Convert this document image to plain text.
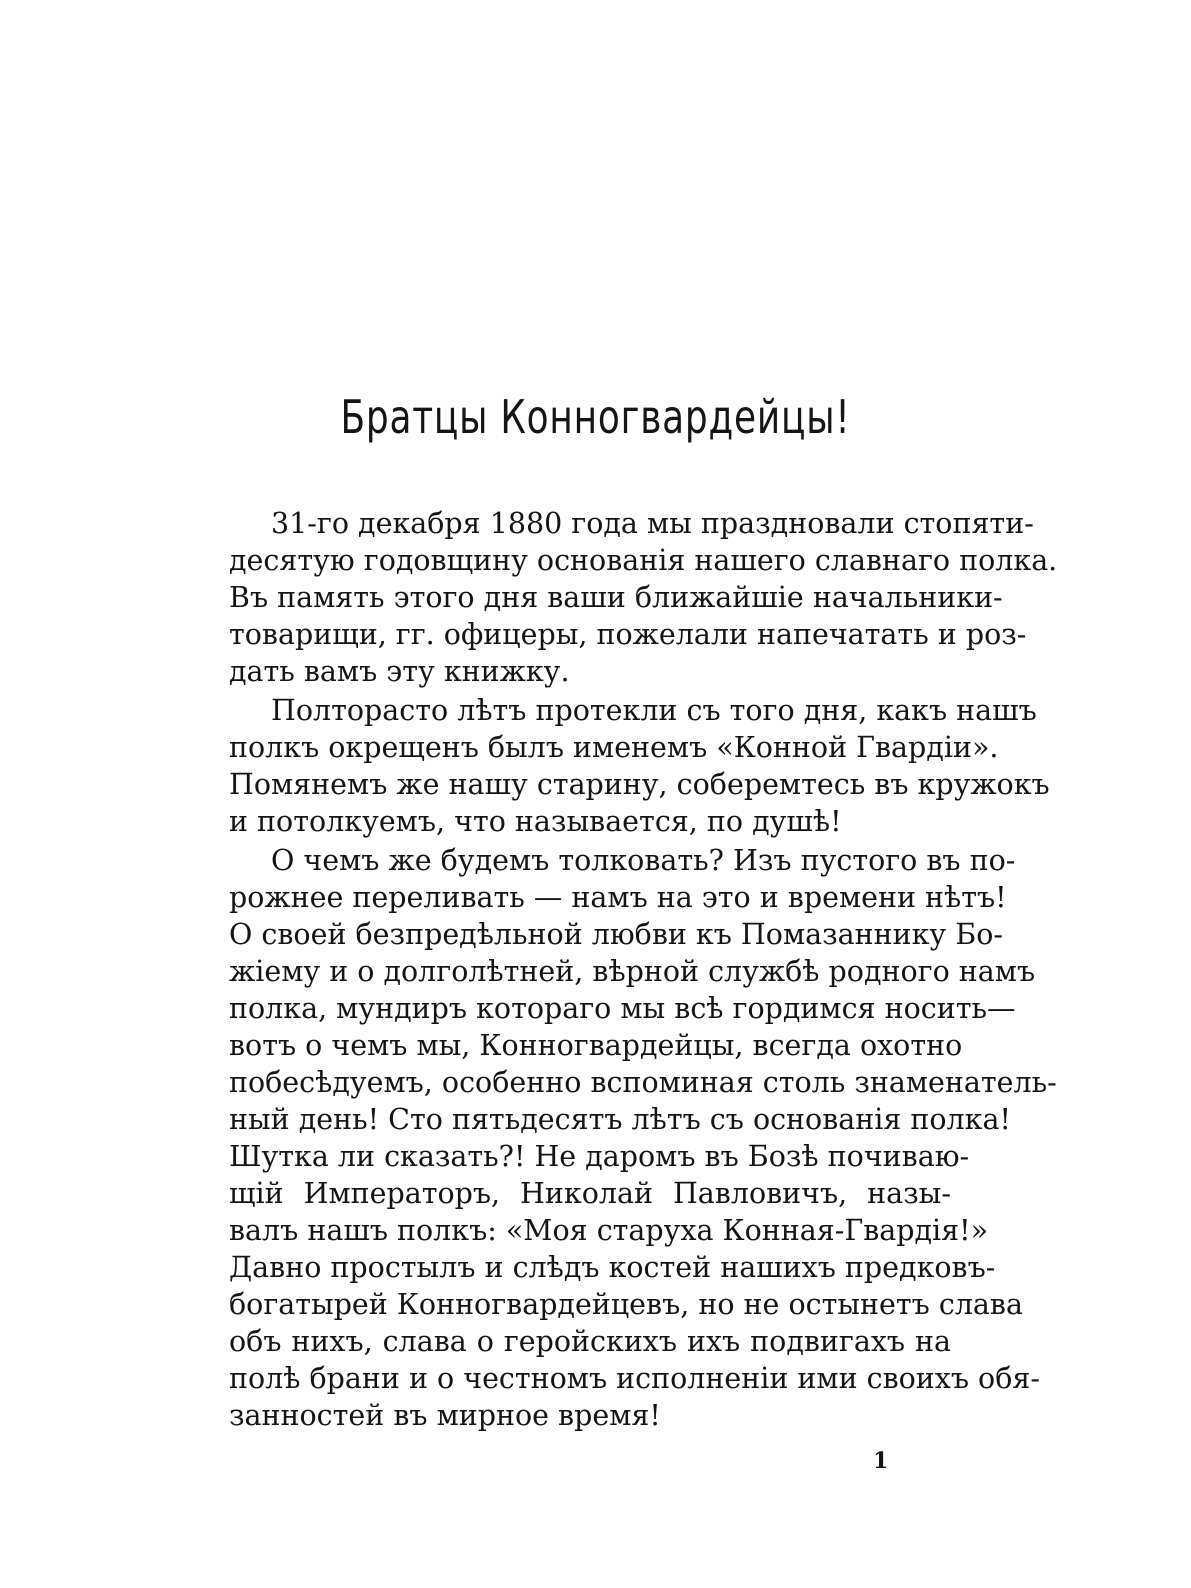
Братцы Конногвардейцы!
31-го декабря 1880 года мы праздновали стопяти-
десятую годовщину основанія нашего славнаго полка.
Въ память этого дня ваши ближайшіе начальники-
товарищи, гг. офицеры, пожелали напечатать и роз-
дать вамъ эту книжку.
Полторасто лѣтъ протекли съ того дня, какъ нашъ
полкъ окрещенъ былъ именемъ «Конной Гвардіи».
Помянемъ же нашу старину, соберемтесь въ кружокъ
и потолкуемъ, что называется, по душѣ!
О чемъ же будемъ толковать? Изъ пустого въ по-
рожнее переливать — намъ на это и времени нѣтъ!
О своей безпредѣльной любви къ Помазаннику Бо-
жіему и о долголѣтней, вѣрной службѣ родного намъ
полка, мундиръ котораго мы всѣ гордимся носить—
вотъ о чемъ мы, Конногвардейцы, всегда охотно
побесѣдуемъ, особенно вспоминая столь знаменатель-
ный день! Сто пятьдесятъ лѣтъ съ основанія полка!
Шутка ли сказать?! Не даромъ въ Бозѣ почиваю-
щій Императоръ, Николай Павловичъ, назы-
валъ нашъ полкъ: «Моя старуха Конная-Гвардія!»
Давно простылъ и слѣдъ костей нашихъ предковъ-
богатырей Конногвардейцевъ, но не остынетъ слава
объ нихъ, слава о геройскихъ ихъ подвигахъ на
полѣ брани и о честномъ исполненіи ими своихъ обя-
занностей въ мирное время!
1
